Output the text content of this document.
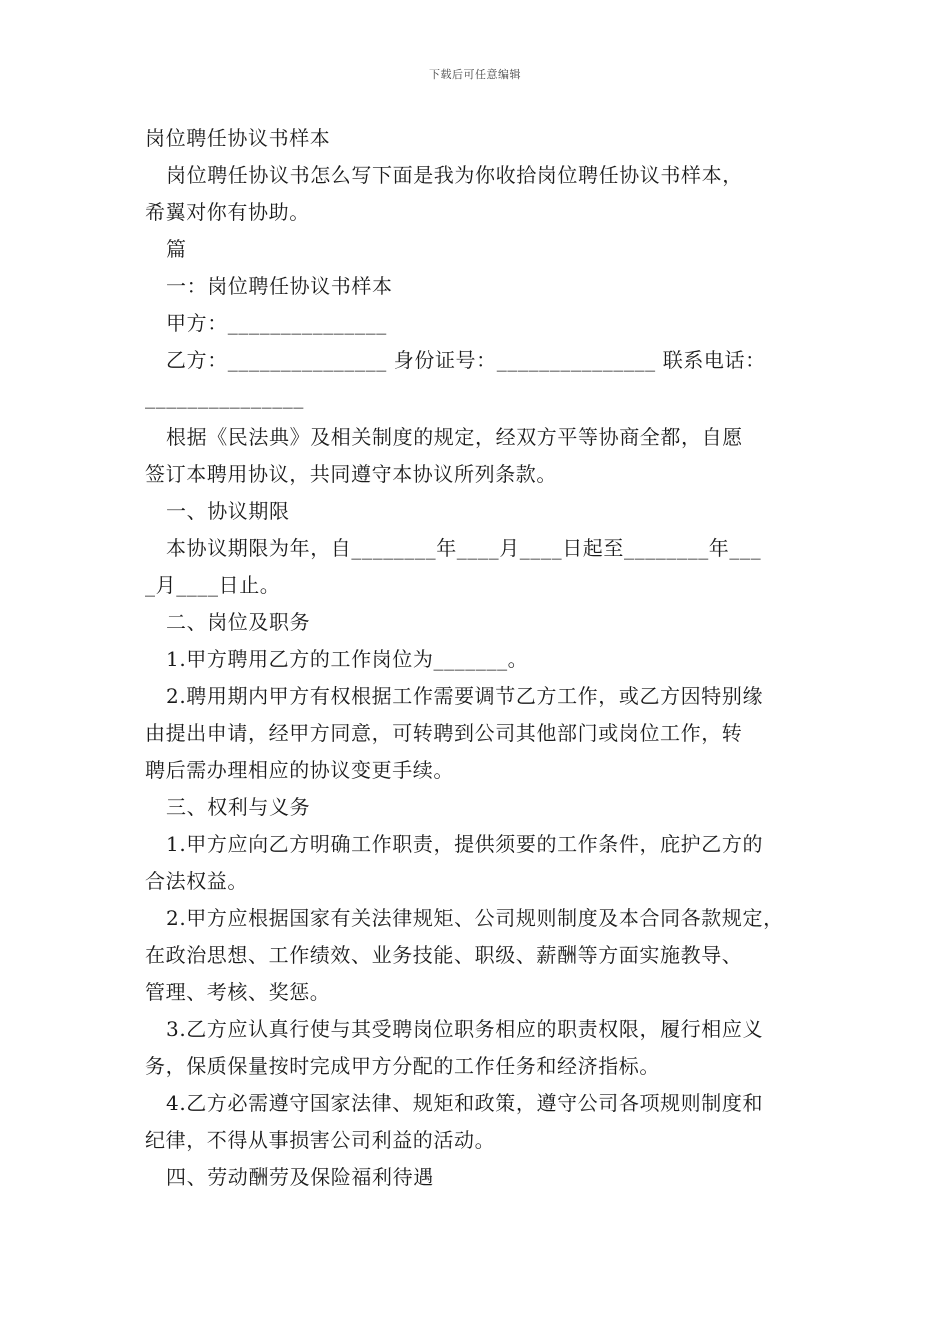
下载后可任意编辑

岗位聘任协议书样本

岗位聘任协议书怎么写下面是我为你收拾岗位聘任协议书样本，

希翼对你有协助。

篇

一：岗位聘任协议书样本

甲方：_______________

乙方：_______________ 身份证号：_______________ 联系电话：

_______________

根据《民法典》及相关制度的规定，经双方平等协商全都，自愿

签订本聘用协议，共同遵守本协议所列条款。

一、协议期限

本协议期限为年，自________年____月____日起至________年___

_月____日止。

二、岗位及职务

1.甲方聘用乙方的工作岗位为_______。

2.聘用期内甲方有权根据工作需要调节乙方工作，或乙方因特别缘

由提出申请，经甲方同意，可转聘到公司其他部门或岗位工作，转

聘后需办理相应的协议变更手续。

三、权利与义务

1.甲方应向乙方明确工作职责，提供须要的工作条件，庇护乙方的

合法权益。

2.甲方应根据国家有关法律规矩、公司规则制度及本合同各款规定，

在政治思想、工作绩效、业务技能、职级、薪酬等方面实施教导、

管理、考核、奖惩。

3.乙方应认真行使与其受聘岗位职务相应的职责权限，履行相应义

务，保质保量按时完成甲方分配的工作任务和经济指标。

4.乙方必需遵守国家法律、规矩和政策，遵守公司各项规则制度和

纪律，不得从事损害公司利益的活动。

四、劳动酬劳及保险福利待遇
